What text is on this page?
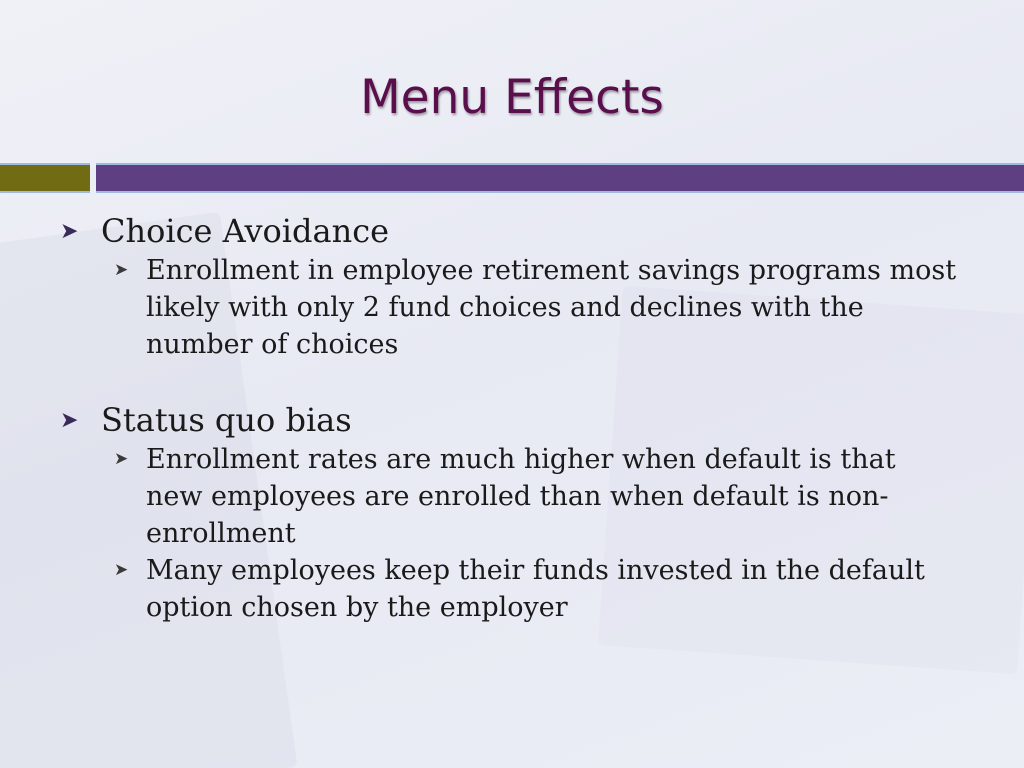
Menu Effects
➤ Choice Avoidance
➤ Enrollment in employee retirement savings programs most likely with only 2 fund choices and declines with the number of choices
➤ Status quo bias
➤ Enrollment rates are much higher when default is that new employees are enrolled than when default is non-enrollment
➤ Many employees keep their funds invested in the default option chosen by the employer
